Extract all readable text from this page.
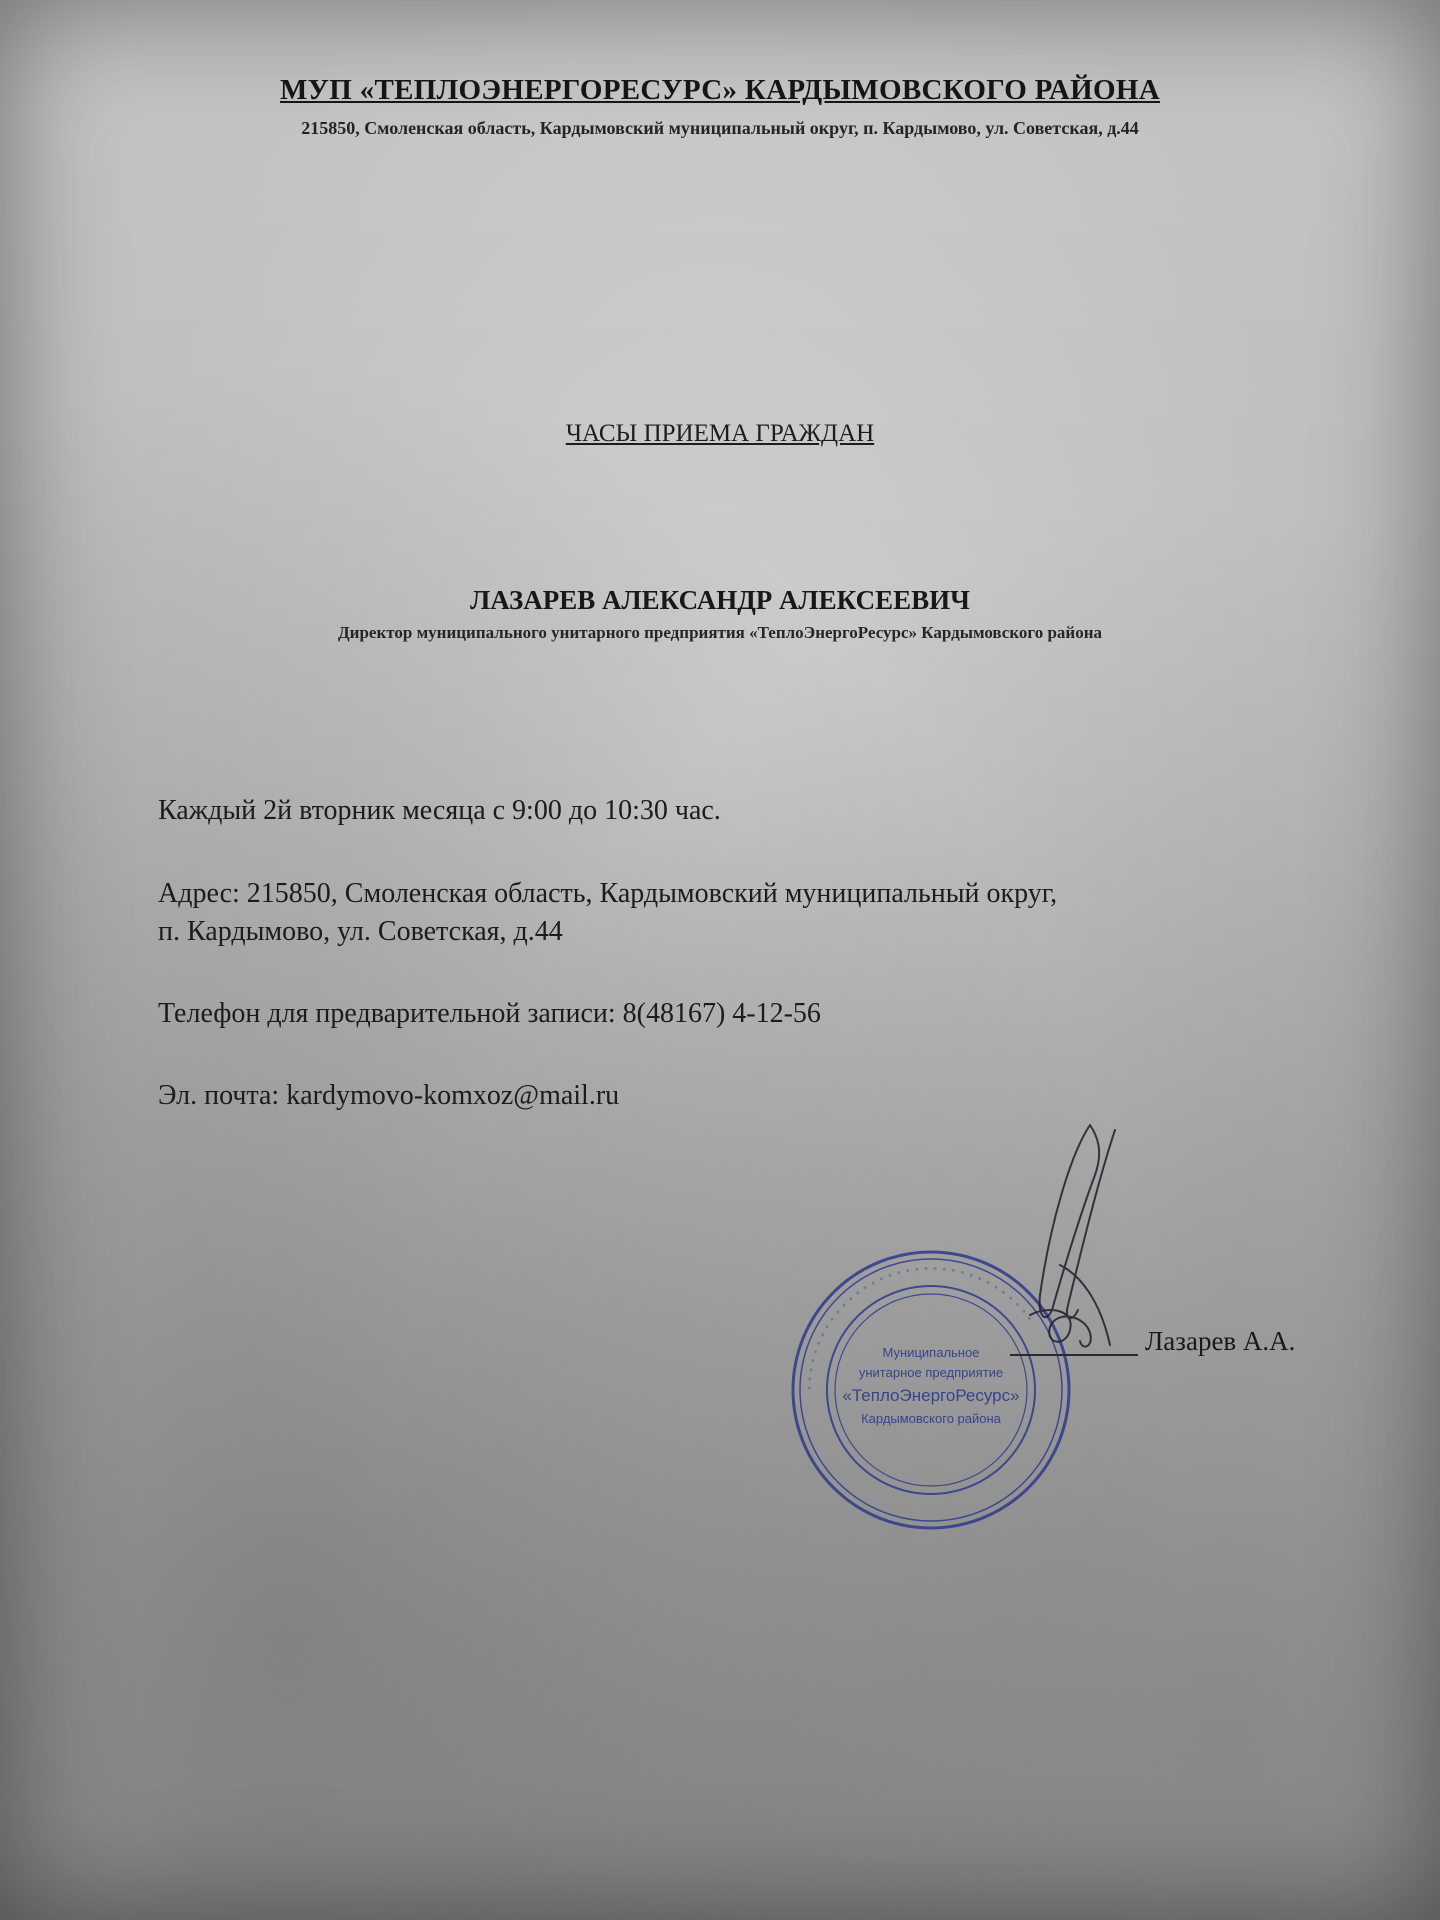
МУП «ТЕПЛОЭНЕРГОРЕСУРС» КАРДЫМОВСКОГО РАЙОНА
215850, Смоленская область, Кардымовский муниципальный округ, п. Кардымово, ул. Советская, д.44
ЧАСЫ ПРИЕМА ГРАЖДАН
ЛАЗАРЕВ АЛЕКСАНДР АЛЕКСЕЕВИЧ
Директор муниципального унитарного предприятия «ТеплоЭнергоРесурс» Кардымовского района
Каждый 2й вторник месяца с 9:00 до 10:30 час.
Адрес: 215850, Смоленская область, Кардымовский муниципальный округ,
п. Кардымово, ул. Советская, д.44
Телефон для предварительной записи: 8(48167) 4-12-56
Эл. почта: kardymovo-komxoz@mail.ru
• • • • • • • • • • • • • • • • • • • • • • • • • • • • • • • • • •
Муниципальное
унитарное предприятие
«ТеплоЭнергоРесурс»
Кардымовского района
Лазарев А.А.
